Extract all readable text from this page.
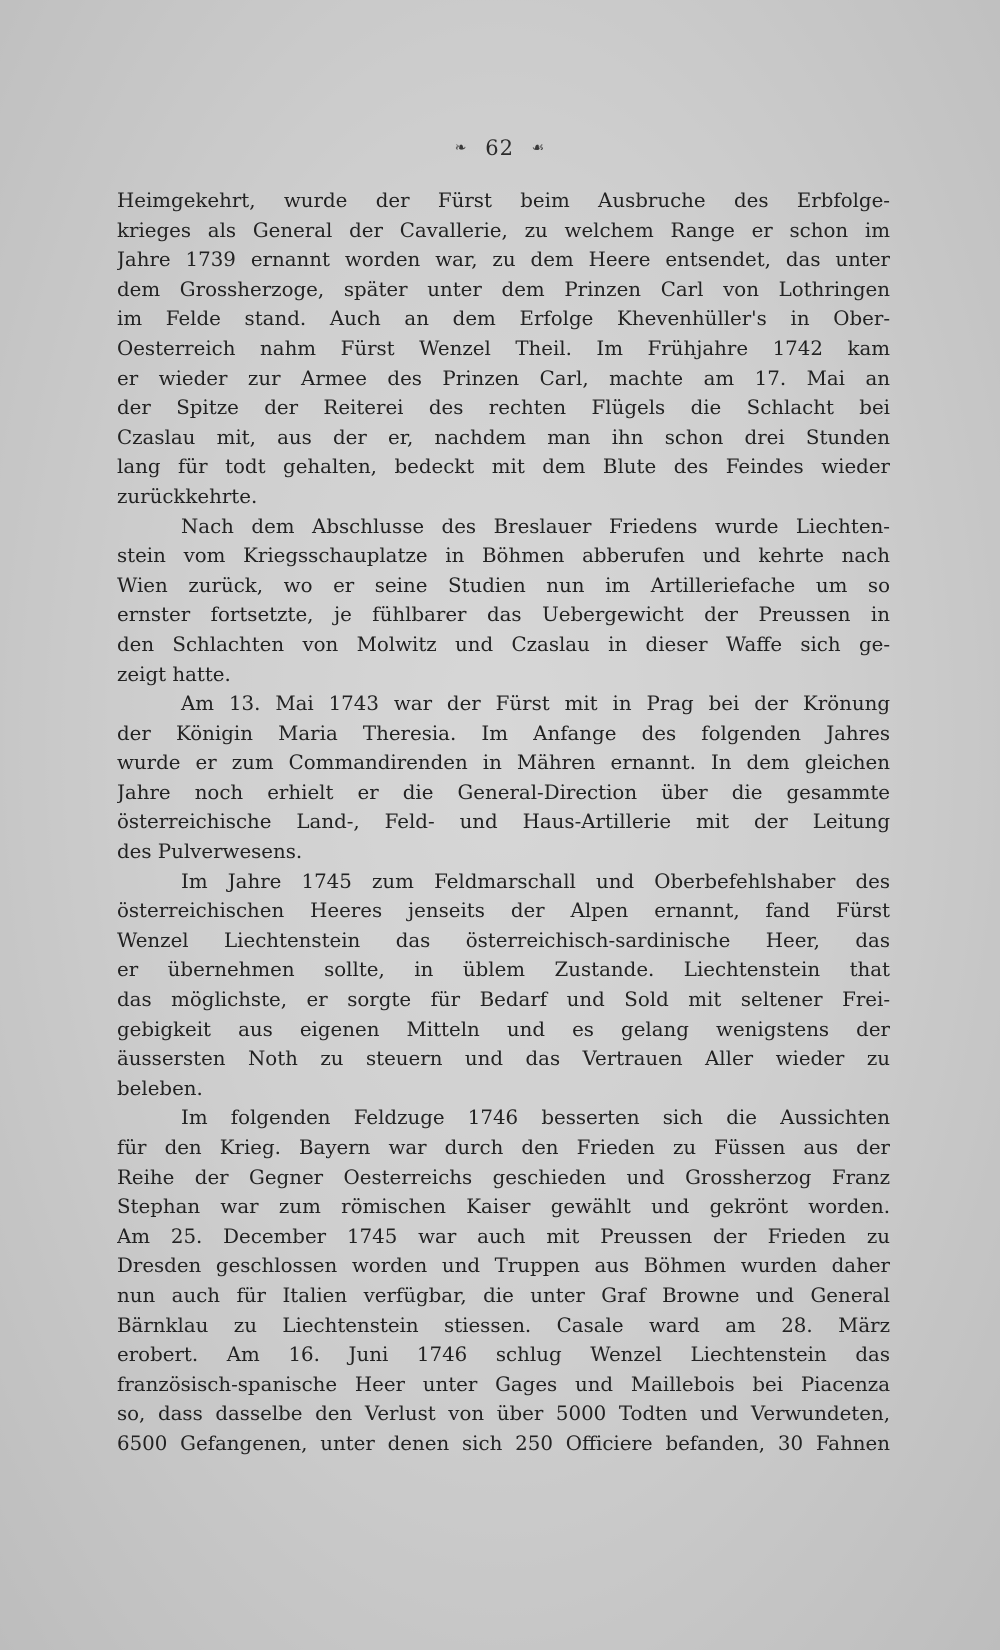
❧ 62 ☙
Heimgekehrt, wurde der Fürst beim Ausbruche des Erbfolge-
krieges als General der Cavallerie, zu welchem Range er schon im
Jahre 1739 ernannt worden war, zu dem Heere entsendet, das unter
dem Grossherzoge, später unter dem Prinzen Carl von Lothringen
im Felde stand. Auch an dem Erfolge Khevenhüller's in Ober-
Oesterreich nahm Fürst Wenzel Theil. Im Frühjahre 1742 kam
er wieder zur Armee des Prinzen Carl, machte am 17. Mai an
der Spitze der Reiterei des rechten Flügels die Schlacht bei
Czaslau mit, aus der er, nachdem man ihn schon drei Stunden
lang für todt gehalten, bedeckt mit dem Blute des Feindes wieder
zurückkehrte.
Nach dem Abschlusse des Breslauer Friedens wurde Liechten-
stein vom Kriegsschauplatze in Böhmen abberufen und kehrte nach
Wien zurück, wo er seine Studien nun im Artilleriefache um so
ernster fortsetzte, je fühlbarer das Uebergewicht der Preussen in
den Schlachten von Molwitz und Czaslau in dieser Waffe sich ge-
zeigt hatte.
Am 13. Mai 1743 war der Fürst mit in Prag bei der Krönung
der Königin Maria Theresia. Im Anfange des folgenden Jahres
wurde er zum Commandirenden in Mähren ernannt. In dem gleichen
Jahre noch erhielt er die General-Direction über die gesammte
österreichische Land-, Feld- und Haus-Artillerie mit der Leitung
des Pulverwesens.
Im Jahre 1745 zum Feldmarschall und Oberbefehlshaber des
österreichischen Heeres jenseits der Alpen ernannt, fand Fürst
Wenzel Liechtenstein das österreichisch-sardinische Heer, das
er übernehmen sollte, in üblem Zustande. Liechtenstein that
das möglichste, er sorgte für Bedarf und Sold mit seltener Frei-
gebigkeit aus eigenen Mitteln und es gelang wenigstens der
äussersten Noth zu steuern und das Vertrauen Aller wieder zu
beleben.
Im folgenden Feldzuge 1746 besserten sich die Aussichten
für den Krieg. Bayern war durch den Frieden zu Füssen aus der
Reihe der Gegner Oesterreichs geschieden und Grossherzog Franz
Stephan war zum römischen Kaiser gewählt und gekrönt worden.
Am 25. December 1745 war auch mit Preussen der Frieden zu
Dresden geschlossen worden und Truppen aus Böhmen wurden daher
nun auch für Italien verfügbar, die unter Graf Browne und General
Bärnklau zu Liechtenstein stiessen. Casale ward am 28. März
erobert. Am 16. Juni 1746 schlug Wenzel Liechtenstein das
französisch-spanische Heer unter Gages und Maillebois bei Piacenza
so, dass dasselbe den Verlust von über 5000 Todten und Verwundeten,
6500 Gefangenen, unter denen sich 250 Officiere befanden, 30 Fahnen
